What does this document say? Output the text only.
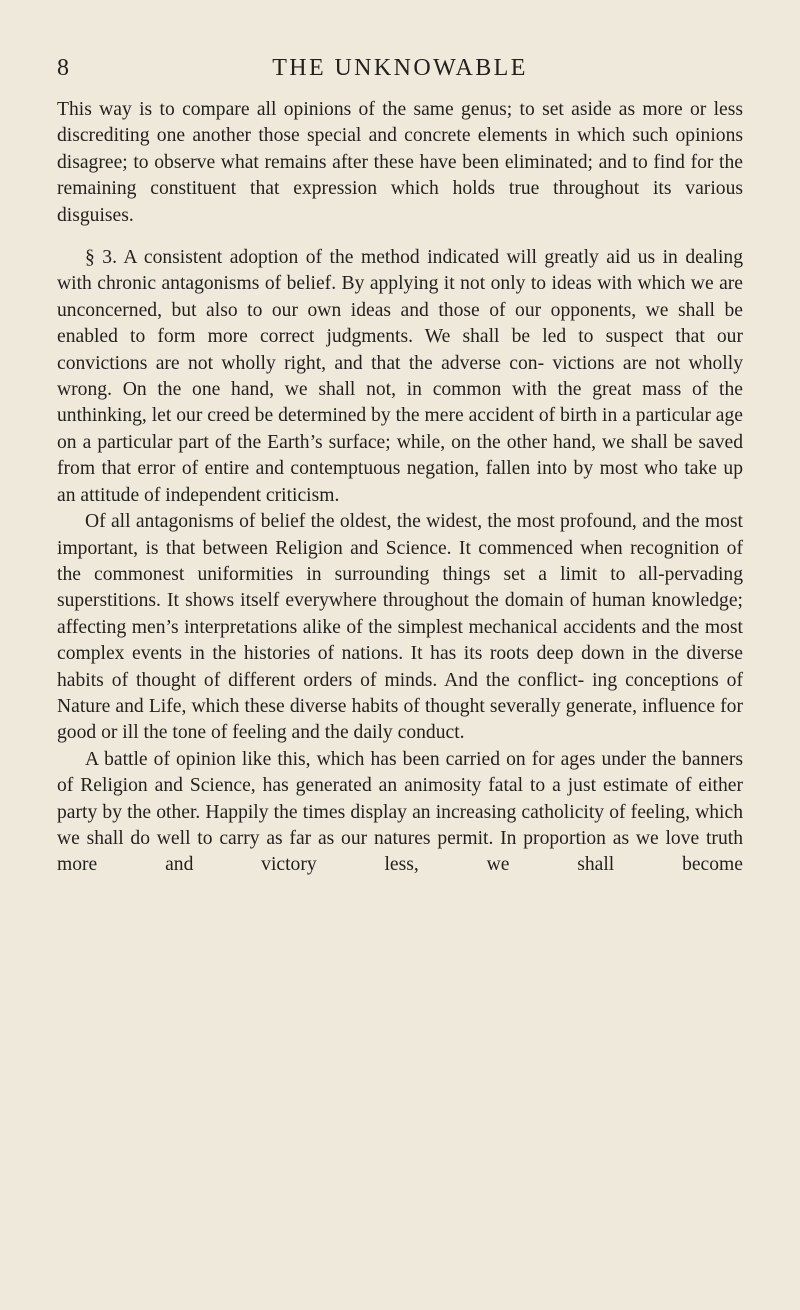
8	THE UNKNOWABLE

This way is to compare all opinions of the same genus; to set aside as more or less discrediting one another those special and concrete elements in which such opinions disagree; to observe what remains after these have been eliminated; and to find for the remaining constituent that expression which holds true throughout its various disguises.

§ 3. A consistent adoption of the method indicated will greatly aid us in dealing with chronic antagonisms of belief. By applying it not only to ideas with which we are unconcerned, but also to our own ideas and those of our opponents, we shall be enabled to form more correct judgments. We shall be led to suspect that our convictions are not wholly right, and that the adverse con- victions are not wholly wrong. On the one hand, we shall not, in common with the great mass of the unthinking, let our creed be determined by the mere accident of birth in a particular age on a particular part of the Earth’s surface; while, on the other hand, we shall be saved from that error of entire and contemptuous negation, fallen into by most who take up an attitude of independent criticism.

Of all antagonisms of belief the oldest, the widest, the most profound, and the most important, is that between Religion and Science. It commenced when recognition of the commonest uniformities in surrounding things set a limit to all-pervading superstitions. It shows itself everywhere throughout the domain of human knowledge; affecting men’s interpretations alike of the simplest mechanical accidents and the most complex events in the histories of nations. It has its roots deep down in the diverse habits of thought of different orders of minds. And the conflict- ing conceptions of Nature and Life, which these diverse habits of thought severally generate, influence for good or ill the tone of feeling and the daily conduct.

A battle of opinion like this, which has been carried on for ages under the banners of Religion and Science, has generated an animosity fatal to a just estimate of either party by the other. Happily the times display an increasing catholicity of feeling, which we shall do well to carry as far as our natures permit. In proportion as we love truth more and victory less, we shall become
